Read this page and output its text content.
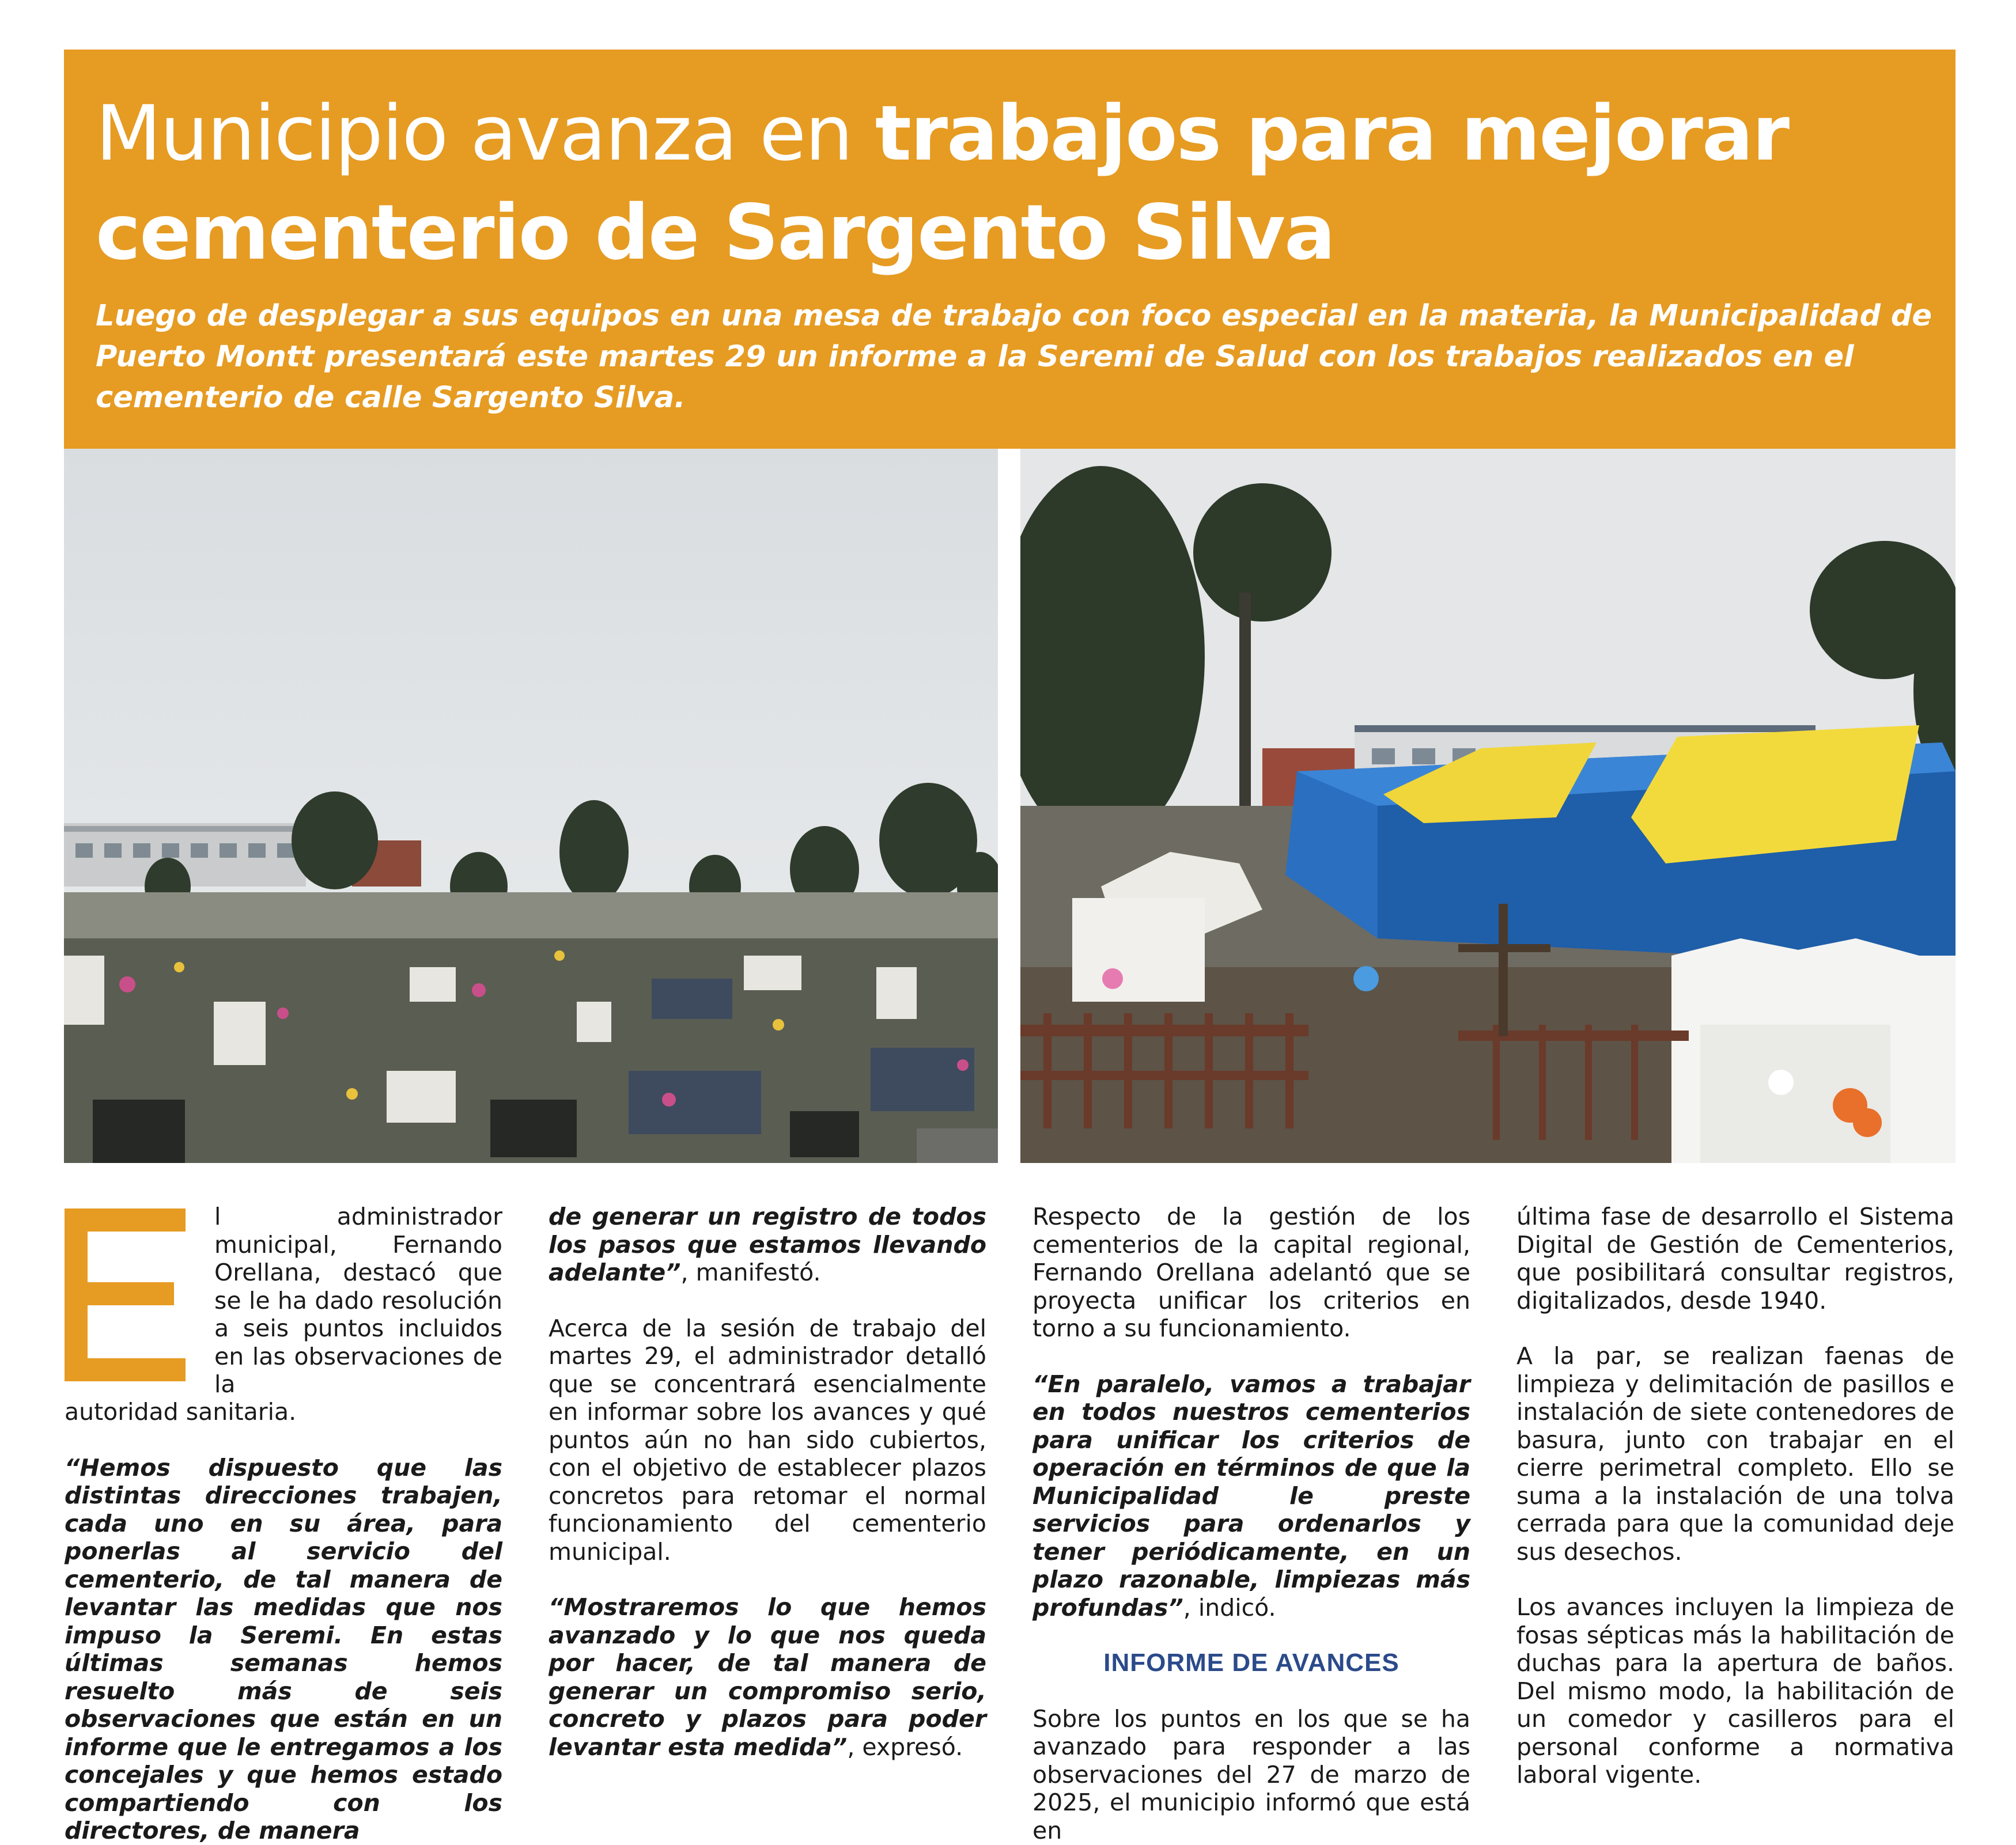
Municipio avanza en trabajos para mejorar cementerio de Sargento Silva

Luego de desplegar a sus equipos en una mesa de trabajo con foco especial en la materia, la Municipalidad de Puerto Montt presentará este martes 29 un informe a la Seremi de Salud con los trabajos realizados en el cementerio de calle Sargento Silva.

l administrador municipal, Fernando Orellana, destacó que se le ha dado resolución a seis puntos incluidos en las observaciones de la

autoridad sanitaria.

“Hemos dispuesto que las distintas direcciones trabajen, cada uno en su área, para ponerlas al servicio del cementerio, de tal manera de levantar las medidas que nos impuso la Seremi. En estas últimas semanas hemos resuelto más de seis observaciones que están en un informe que le entregamos a los concejales y que hemos estado compartiendo con los directores, de manera

de generar un registro de todos los pasos que estamos llevando adelante”, manifestó.

Acerca de la sesión de trabajo del martes 29, el administrador detalló que se concentrará esencialmente en informar sobre los avances y qué puntos aún no han sido cubiertos, con el objetivo de establecer plazos concretos para retomar el normal funcionamiento del cementerio municipal.

“Mostraremos lo que hemos avanzado y lo que nos queda por hacer, de tal manera de generar un compromiso serio, concreto y plazos para poder levantar esta medida”, expresó.

Respecto de la gestión de los cementerios de la capital regional, Fernando Orellana adelantó que se proyecta unificar los criterios en torno a su funcionamiento.

“En paralelo, vamos a trabajar en todos nuestros cementerios para unificar los criterios de operación en términos de que la Municipalidad le preste servicios para ordenarlos y tener periódicamente, en un plazo razonable, limpiezas más profundas”, indicó.

INFORME DE AVANCES

Sobre los puntos en los que se ha avanzado para responder a las observaciones del 27 de marzo de 2025, el municipio informó que está en

última fase de desarrollo el Sistema Digital de Gestión de Cementerios, que posibilitará consultar registros, digitalizados, desde 1940.

A la par, se realizan faenas de limpieza y delimitación de pasillos e instalación de siete contenedores de basura, junto con trabajar en el cierre perimetral completo. Ello se suma a la instalación de una tolva cerrada para que la comunidad deje sus desechos.

Los avances incluyen la limpieza de fosas sépticas más la habilitación de duchas para la apertura de baños. Del mismo modo, la habilitación de un comedor y casilleros para el personal conforme a normativa laboral vigente.
